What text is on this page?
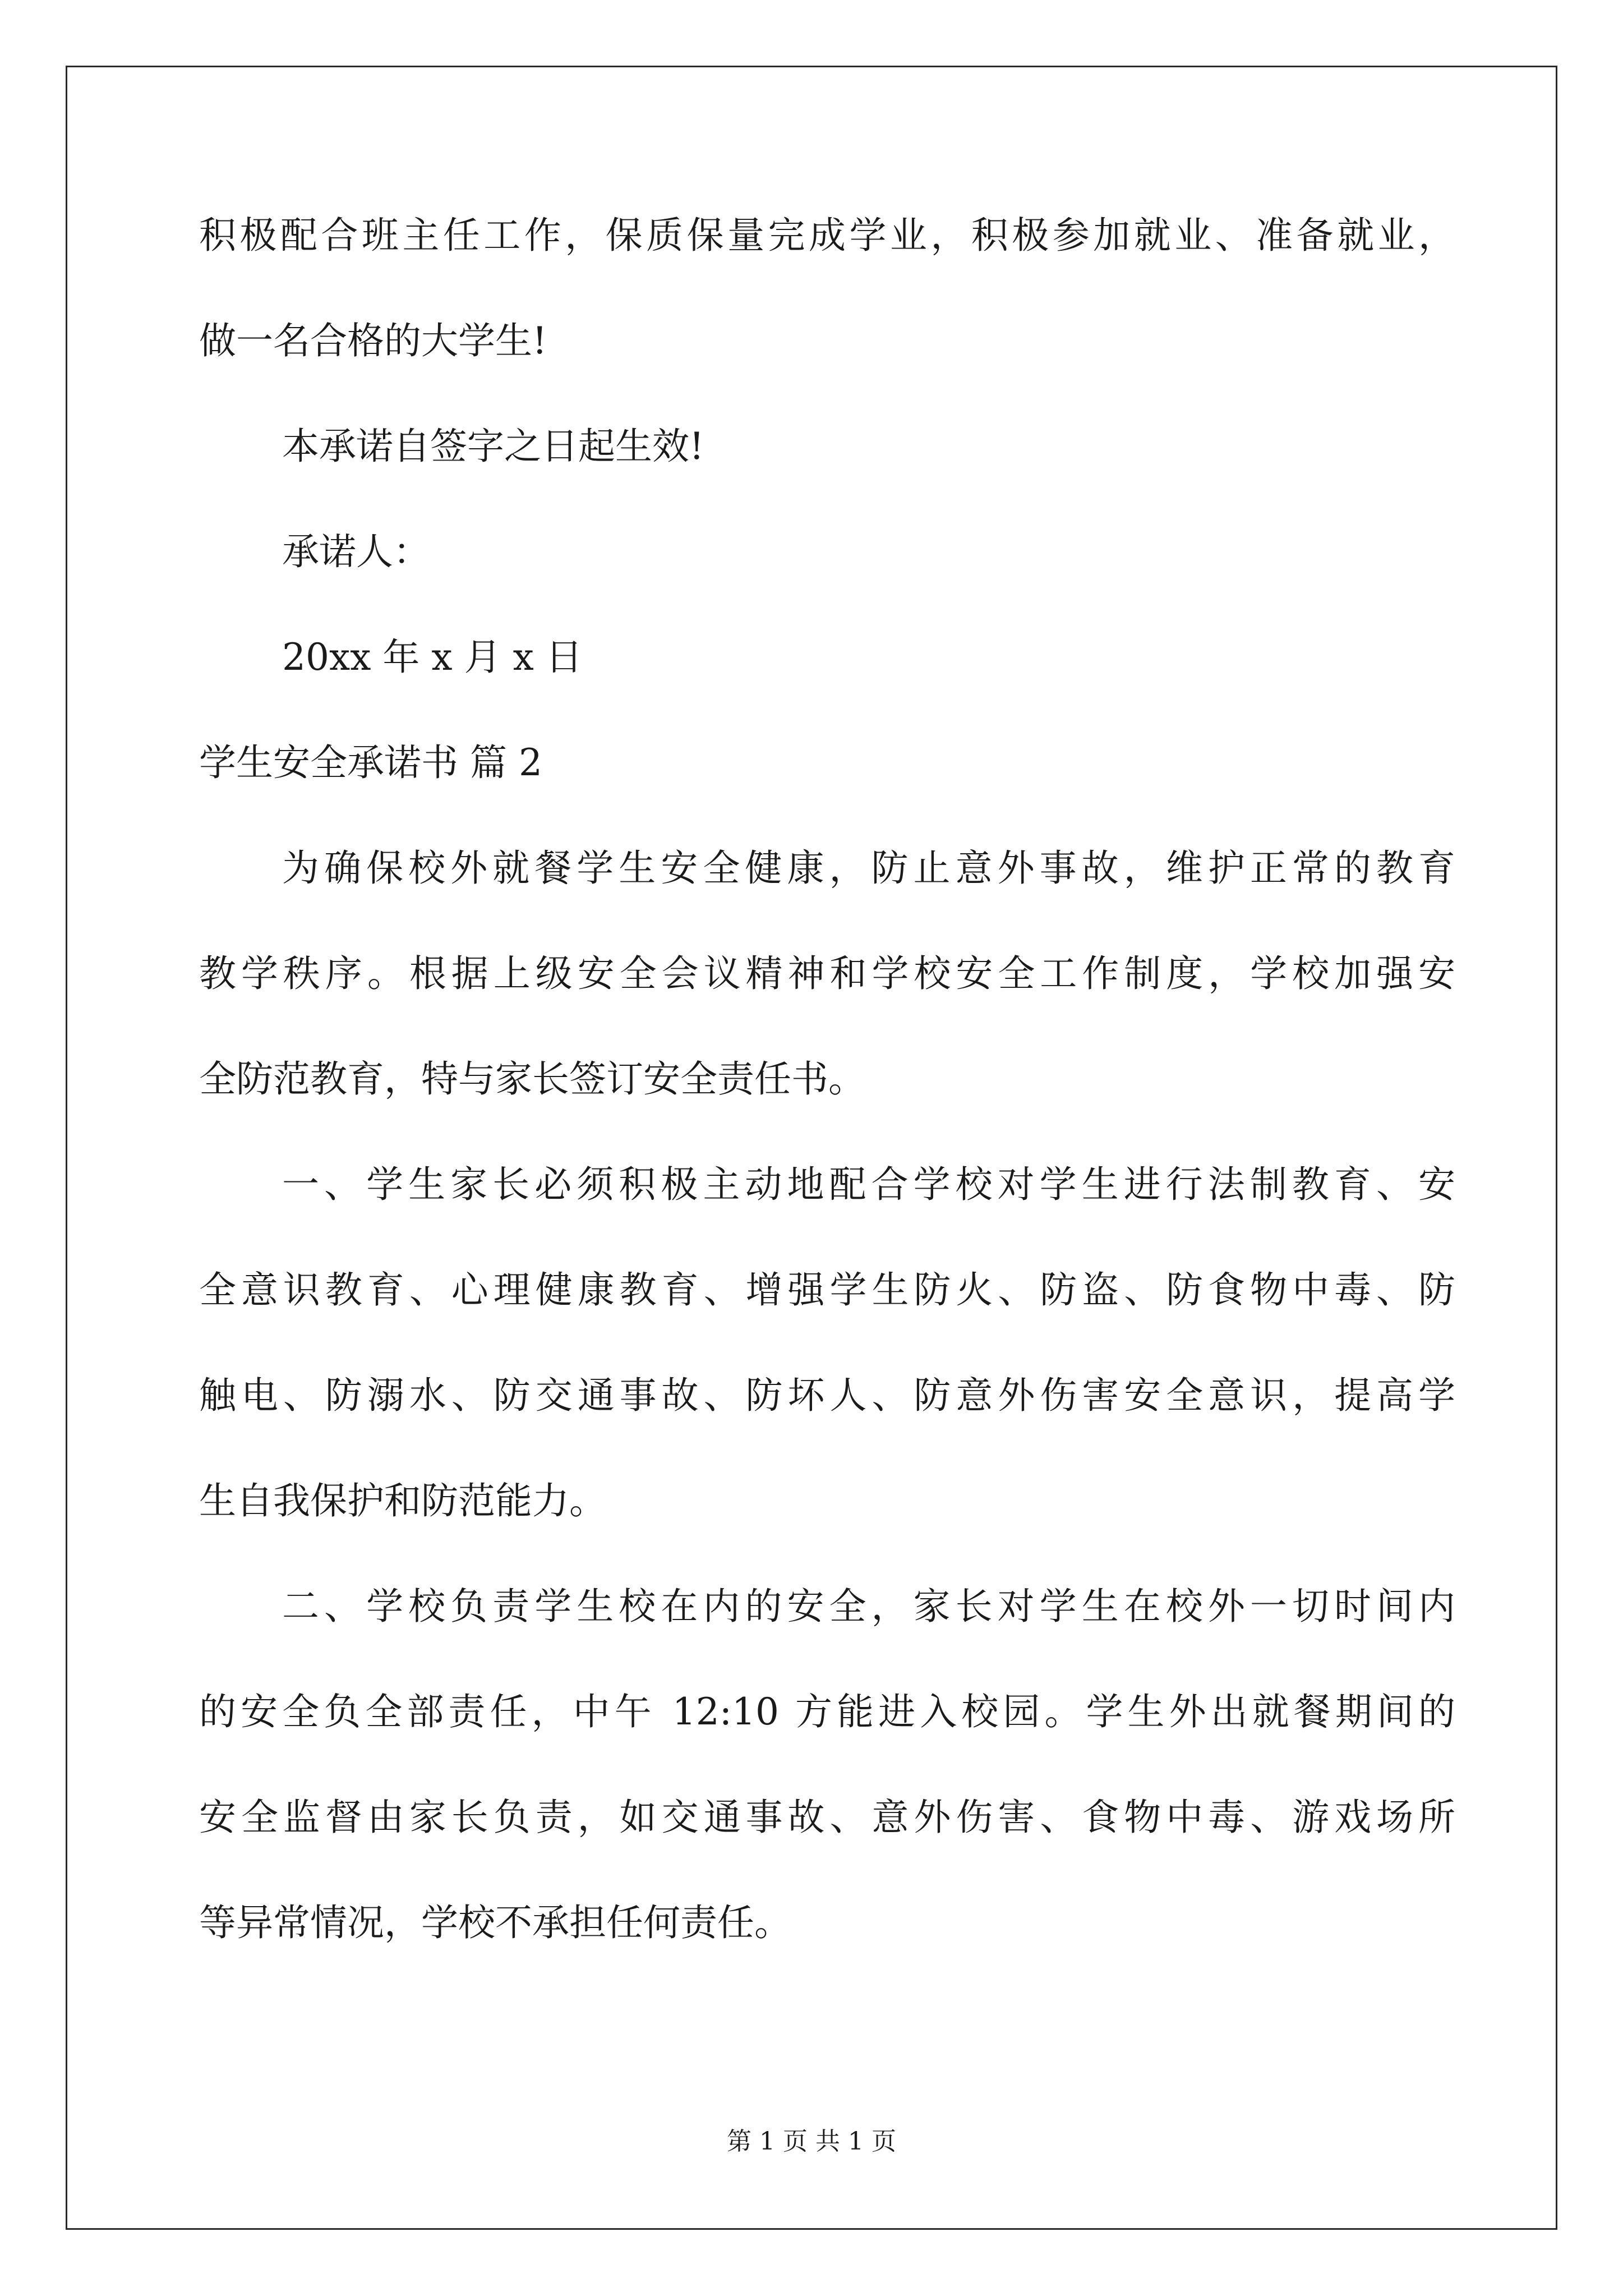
积极配合班主任工作，保质保量完成学业，积极参加就业、准备就业，
做一名合格的大学生!
本承诺自签字之日起生效!
承诺人：
20xx 年 x 月 x 日
学生安全承诺书 篇 2
为确保校外就餐学生安全健康，防止意外事故，维护正常的教育
教学秩序。根据上级安全会议精神和学校安全工作制度，学校加强安
全防范教育，特与家长签订安全责任书。
一、学生家长必须积极主动地配合学校对学生进行法制教育、安
全意识教育、心理健康教育、增强学生防火、防盗、防食物中毒、防
触电、防溺水、防交通事故、防坏人、防意外伤害安全意识，提高学
生自我保护和防范能力。
二、学校负责学生校在内的安全，家长对学生在校外一切时间内
的安全负全部责任，中午 12:10 方能进入校园。学生外出就餐期间的
安全监督由家长负责，如交通事故、意外伤害、食物中毒、游戏场所
等异常情况，学校不承担任何责任。
第 1 页 共 1 页
